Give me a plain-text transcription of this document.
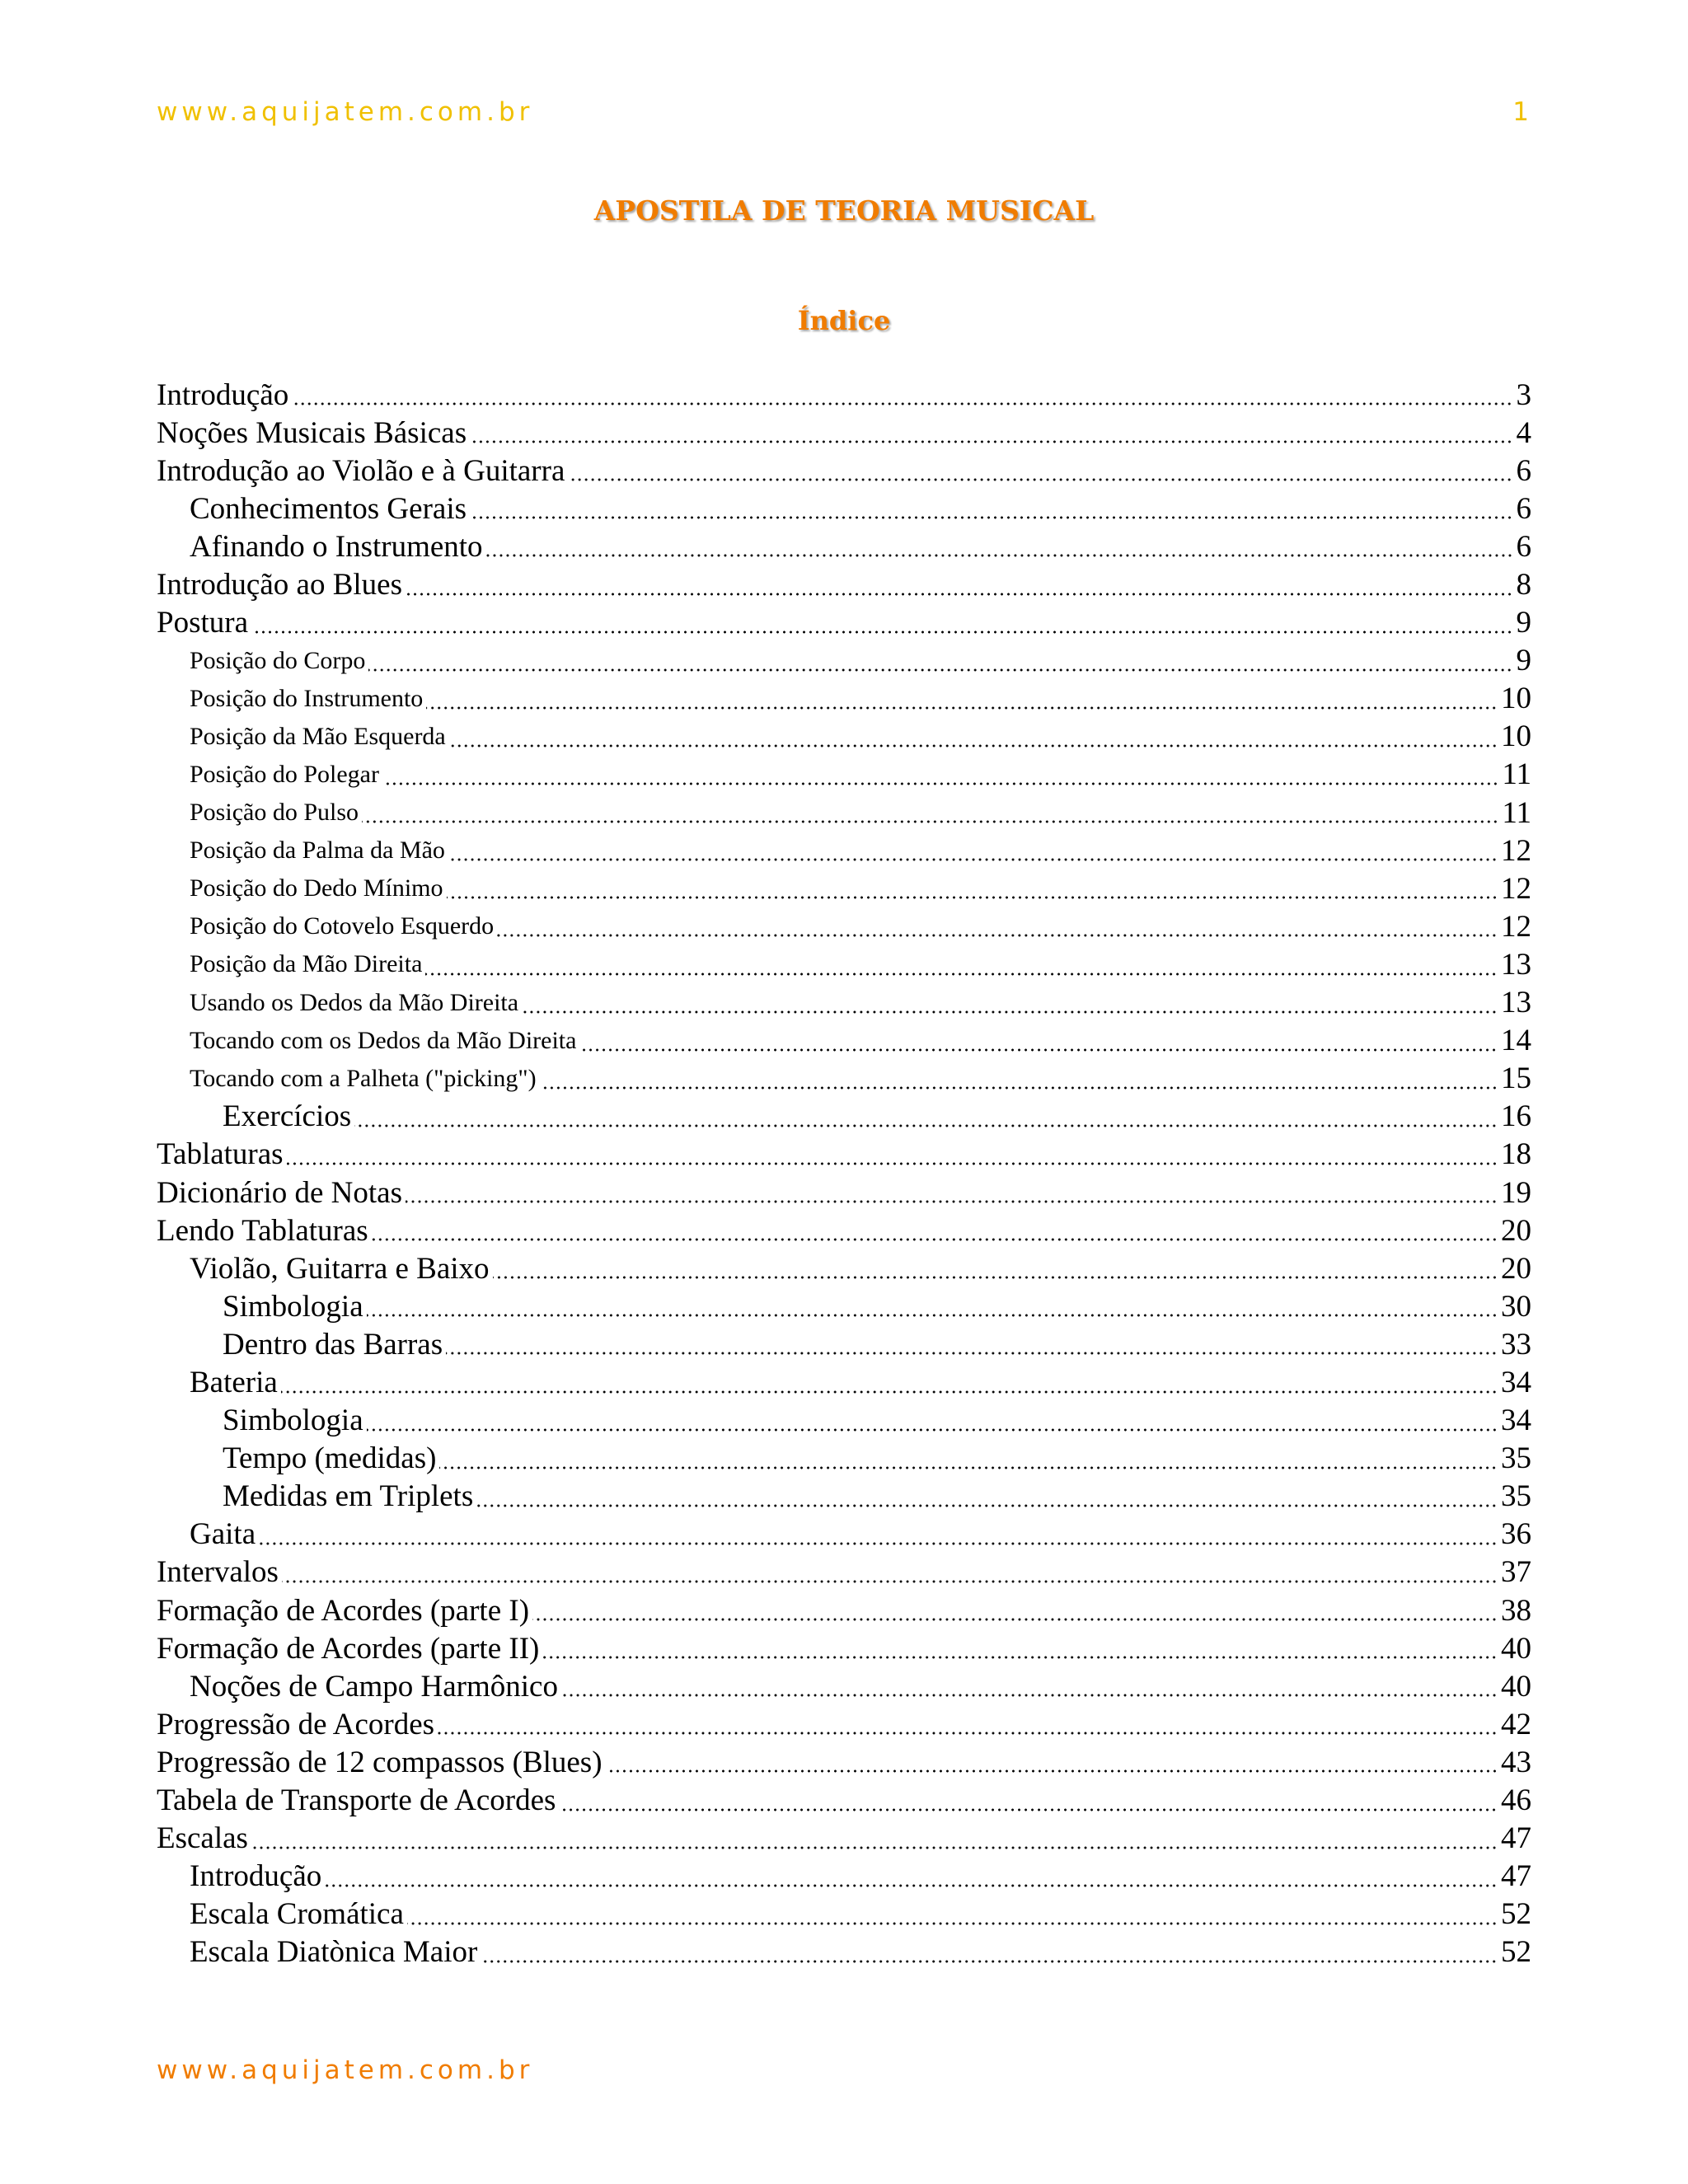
www.aquijatem.com.br	1
APOSTILA DE TEORIA MUSICAL
Índice
Introdução	3
Noções Musicais Básicas	4
Introdução ao Violão e à Guitarra	6
Conhecimentos Gerais	6
Afinando o Instrumento	6
Introdução ao Blues	8
Postura	9
Posição do Corpo	9
Posição do Instrumento	10
Posição da Mão Esquerda	10
Posição do Polegar	11
Posição do Pulso	11
Posição da Palma da Mão	12
Posição do Dedo Mínimo	12
Posição do Cotovelo Esquerdo	12
Posição da Mão Direita	13
Usando os Dedos da Mão Direita	13
Tocando com os Dedos da Mão Direita	14
Tocando com a Palheta ("picking")	15
Exercícios	16
Tablaturas	18
Dicionário de Notas	19
Lendo Tablaturas	20
Violão, Guitarra e Baixo	20
Simbologia	30
Dentro das Barras	33
Bateria	34
Simbologia	34
Tempo (medidas)	35
Medidas em Triplets	35
Gaita	36
Intervalos	37
Formação de Acordes (parte I)	38
Formação de Acordes (parte II)	40
Noções de Campo Harmônico	40
Progressão de Acordes	42
Progressão de 12 compassos (Blues)	43
Tabela de Transporte de Acordes	46
Escalas	47
Introdução	47
Escala Cromática	52
Escala Diatònica Maior	52
www.aquijatem.com.br
